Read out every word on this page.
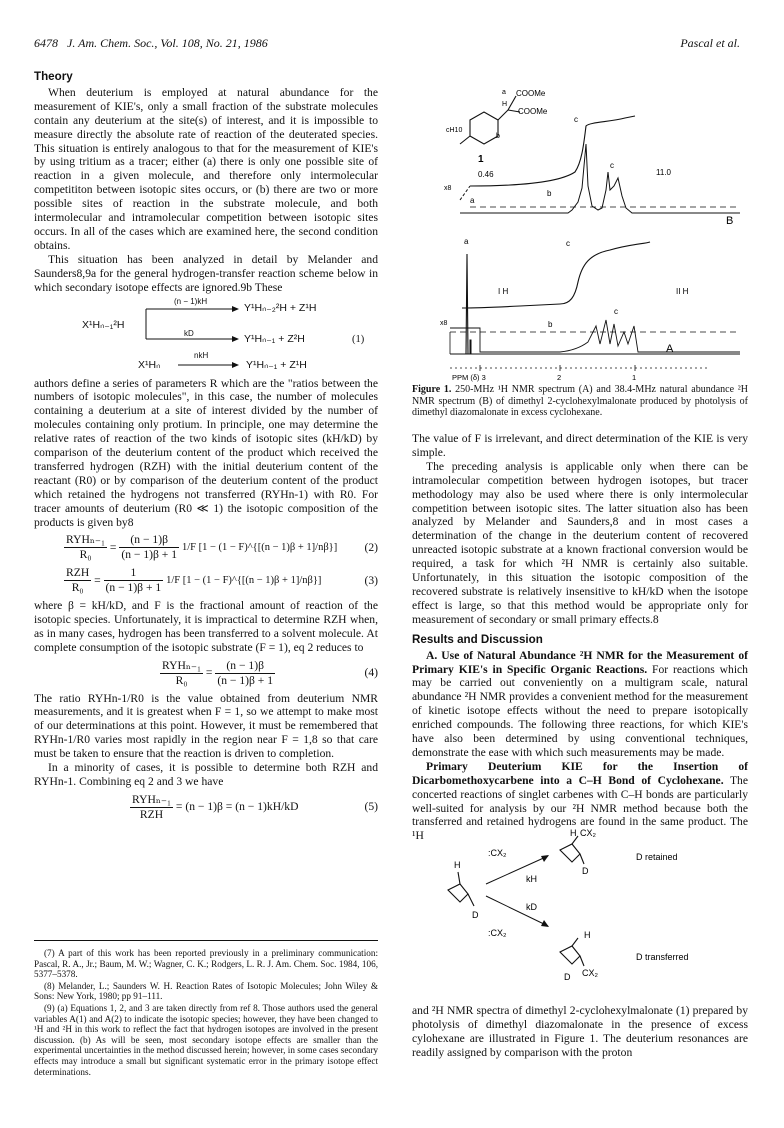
6478 J. Am. Chem. Soc., Vol. 108, No. 21, 1986	Pascal et al.
Theory

When deuterium is employed at natural abundance for the measurement of KIE's, only a small fraction of the substrate molecules contain any deuterium at the site(s) of interest, and it is impossible to measure directly the absolute rate of reaction of the deuterated species. This situation is entirely analogous to that for the measurement of KIE's by using tritium as a tracer; either (a) there is only one possible site of reaction in a given molecule, and therefore only intermolecular competititon between isotopic sites occurs, or (b) there are two or more possible sites of reaction in the substrate molecule, and both intermolecular and intramolecular competition between isotopic sites occurs. In all of the cases which are examined here, the second condition obtains.

This situation has been analyzed in detail by Melander and Saunders8,9a for the general hydrogen-transfer reaction scheme below in which secondary isotope effects are ignored.9b These

X¹Hₙ₋₁²H
(n − 1)kH
Y¹Hₙ₋₂²H + Z¹H
kD	Y¹Hₙ₋₁ + Z²H	(1)
X¹Hₙ
nkH
Y¹Hₙ₋₁ + Z¹H

authors define a series of parameters R which are the "ratios between the numbers of isotopic molecules", in this case, the number of molecules containing a deuterium at a site of interest divided by the number of molecules containing only protium. In principle, one may determine the relative rates of reaction of the two kinds of isotopic sites (kH/kD) by comparison of the deuterium content of the product which received the transferred hydrogen (RZH) with the initial deuterium content of the reactant (R0) or by comparison of the deuterium content of the product which retained the hydrogens not transferred (RYHn-1) with R0. For tracer amounts of deuterium (R0 ≪ 1) the isotopic composition of the products is given by8

$\frac{\text{RYHₙ₋₁}}{\text{R₀}} = \frac{(n - 1)\beta}{(n - 1)\beta + 1}$
1/F [1 − (1 − F)^{[(n − 1)β + 1]/nβ}] (2)
$\frac{\text{RZH}}{\text{R₀}} = \frac{1}{(n - 1)\beta + 1}$
1/F [1 − (1 − F)^{[(n − 1)β + 1]/nβ}]	(3)

where β = kH/kD, and F is the fractional amount of reaction of the isotopic species. Unfortunately, it is impractical to determine RZH when, as in many cases, hydrogen has been transferred to a solvent molecule. At complete consumption of the isotopic substrate (F = 1), eq 2 reduces to

$\frac{\text{RYHₙ₋₁}}{\text{R₀}} = \frac{(n - 1)\beta}{(n - 1)\beta + 1}$	(4)

The ratio RYHn-1/R0 is the value obtained from deuterium NMR measurements, and it is greatest when F = 1, so we attempt to make most of our determinations at this point. However, it must be remembered that RYHn-1/R0 varies most rapidly in the region near F = 1,8 so that care must be taken to ensure that the reaction is driven to completion.

In a minority of cases, it is possible to determine both RZH and RYHn-1. Combining eq 2 and 3 we have

$\frac{\text{RYHₙ₋₁}}{\text{RZH}}$
= (n − 1)β = (n − 1)kH/kD	(5)

(7) A part of this work has been reported previously in a preliminary communication: Pascal, R. A., Jr.; Baum, M. W.; Wagner, C. K.; Rodgers, L. R. J. Am. Chem. Soc. 1984, 106, 5377–5378.

(8) Melander, L.; Saunders W. H. Reaction Rates of Isotopic Molecules; John Wiley & Sons: New York, 1980; pp 91–111.

(9) (a) Equations 1, 2, and 3 are taken directly from ref 8. Those authors used the general variables A(1) and A(2) to indicate the isotopic species; however, they have been changed to ¹H and ²H in this work to reflect the fact that hydrogen isotopes are involved in the present discussion. (b) As will be seen, most secondary isotope effects are smaller than the experimental uncertainties in the method discussed herein; however, in some cases secondary effects may introduce a small but significant systematic error in the primary isotope effect determinations.

COOMe
COOMe
a
H
b
cH10
1
0.46
x8
a
b
c
c
11.0
B
a	c
I H	II H
x8	b
c
A
PPM (δ) 3	2	1
Figure 1. 250-MHz ¹H NMR spectrum (A) and 38.4-MHz natural abundance ²H NMR spectrum (B) of dimethyl 2-cyclohexylmalonate produced by photolysis of dimethyl diazomalonate in excess cyclohexane.

The value of F is irrelevant, and direct determination of the KIE is very simple.

The preceding analysis is applicable only when there can be intramolecular competition between hydrogen isotopes, but tracer methodology may also be used where there is only intermolecular competition between isotopic sites. The latter situation also has been analyzed by Melander and Saunders,8 and in most cases a determination of the change in the deuterium content of recovered unreacted isotopic substrate at a known fractional conversion would be required, a task for which ²H NMR is certainly also suitable. Unfortunately, in this situation the isotopic composition of the recovered substrate is relatively insensitive to kH/kD when the isotope effect is large, so that this method would be appropriate only for measurement of secondary or small primary effects.8

Results and Discussion

A. Use of Natural Abundance ²H NMR for the Measurement of Primary KIE's in Specific Organic Reactions. For reactions which may be carried out conveniently on a multigram scale, natural abundance ²H NMR provides a convenient method for the measurement of kinetic isotope effects without the need to prepare isotopically enriched compounds. The following three reactions, for which KIE's have also been determined by using conventional techniques, demonstrate the ease with which such measurements may be made.

Primary Deuterium KIE for the Insertion of Dicarbomethoxycarbene into a C–H Bond of Cyclohexane. The concerted reactions of singlet carbenes with C–H bonds are particularly well-suited for analysis by our ²H NMR method because both the transferred and retained hydrogens are found in the same product. The ¹H

H
D
:CX₂
kH
kD
:CX₂
H CX₂
D
D retained
H
D CX₂
D transferred

and ²H NMR spectra of dimethyl 2-cyclohexylmalonate (1) prepared by photolysis of dimethyl diazomalonate in the presence of excess cylohexane are illustrated in Figure 1. The deuterium resonances are readily assigned by comparison with the proton
